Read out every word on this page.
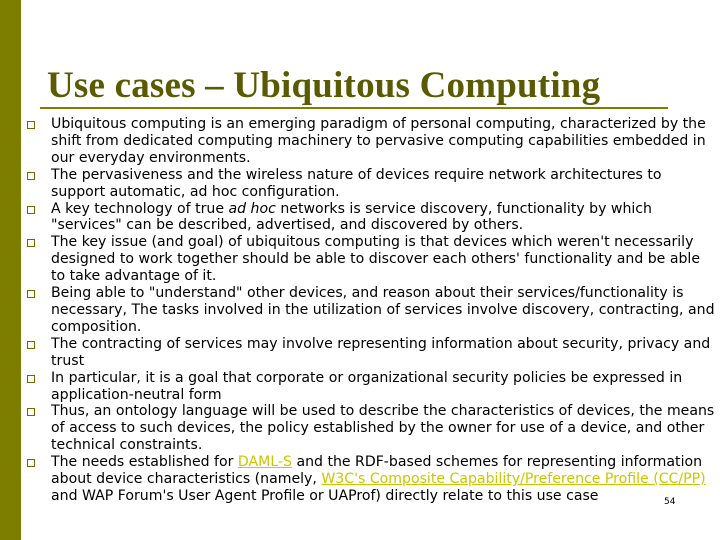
Use cases – Ubiquitous Computing
Ubiquitous computing is an emerging paradigm of personal computing, characterized by the shift from dedicated computing machinery to pervasive computing capabilities embedded in our everyday environments.
The pervasiveness and the wireless nature of devices require network architectures to support automatic, ad hoc configuration.
A key technology of true ad hoc networks is service discovery, functionality by which "services" can be described, advertised, and discovered by others.
The key issue (and goal) of ubiquitous computing is that devices which weren't necessarily designed to work together should be able to discover each others' functionality and be able to take advantage of it.
Being able to "understand" other devices, and reason about their services/functionality is necessary, The tasks involved in the utilization of services involve discovery, contracting, and composition.
The contracting of services may involve representing information about security, privacy and trust
In particular, it is a goal that corporate or organizational security policies be expressed in application-neutral form
Thus, an ontology language will be used to describe the characteristics of devices, the means of access to such devices, the policy established by the owner for use of a device, and other technical constraints.
The needs established for DAML-S and the RDF-based schemes for representing information about device characteristics (namely, W3C's Composite Capability/Preference Profile (CC/PP) and WAP Forum's User Agent Profile or UAProf) directly relate to this use case	54
